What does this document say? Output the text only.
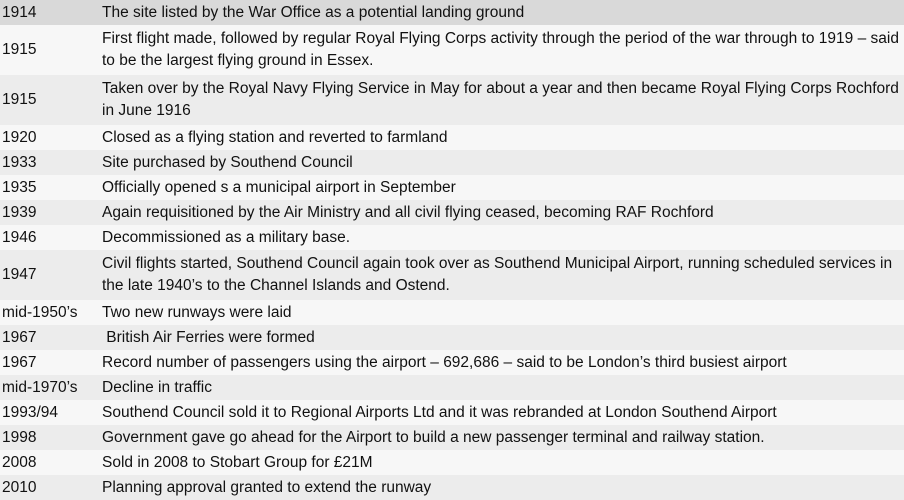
1914	The site listed by the War Office as a potential landing ground
1915	First flight made, followed by regular Royal Flying Corps activity through the period of the war through to 1919 – said to be the largest flying ground in Essex.
1915	Taken over by the Royal Navy Flying Service in May for about a year and then became Royal Flying Corps Rochford in June 1916
1920	Closed as a flying station and reverted to farmland
1933	Site purchased by Southend Council
1935	Officially opened s a municipal airport in September
1939	Again requisitioned by the Air Ministry and all civil flying ceased, becoming RAF Rochford
1946	Decommissioned as a military base.
1947	Civil flights started, Southend Council again took over as Southend Municipal Airport, running scheduled services in the late 1940’s to the Channel Islands and Ostend.
mid-1950’s	Two new runways were laid
1967	British Air Ferries were formed
1967	Record number of passengers using the airport – 692,686 – said to be London’s third busiest airport
mid-1970’s	Decline in traffic
1993/94	Southend Council sold it to Regional Airports Ltd and it was rebranded at London Southend Airport
1998	Government gave go ahead for the Airport to build a new passenger terminal and railway station.
2008	Sold in 2008 to Stobart Group for £21M
2010	Planning approval granted to extend the runway
